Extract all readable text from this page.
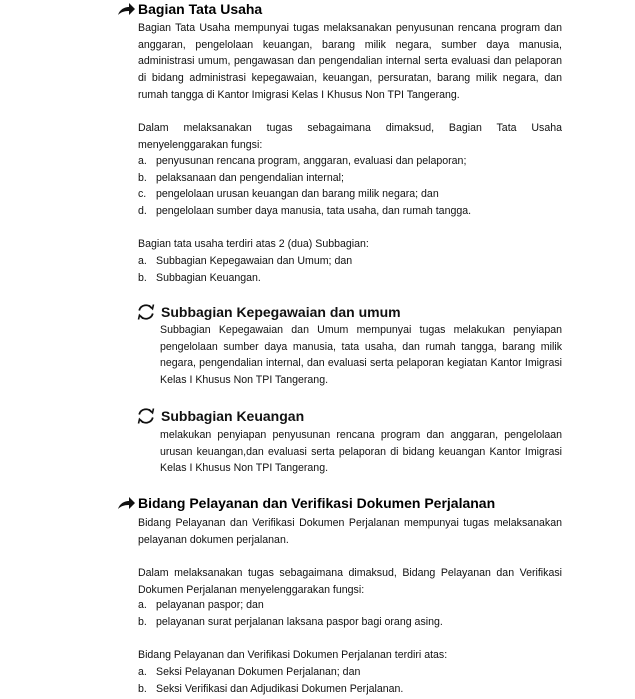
Bagian Tata Usaha

Bagian Tata Usaha mempunyai tugas melaksanakan penyusunan rencana program dan anggaran, pengelolaan keuangan, barang milik negara, sumber daya manusia, administrasi umum, pengawasan dan pengendalian internal serta evaluasi dan pelaporan di bidang administrasi kepegawaian, keuangan, persuratan, barang milik negara, dan rumah tangga di Kantor Imigrasi Kelas I Khusus Non TPI Tangerang.

Dalam melaksanakan tugas sebagaimana dimaksud, Bagian Tata Usaha menyelenggarakan fungsi:

a. penyusunan rencana program, anggaran, evaluasi dan pelaporan;
b. pelaksanaan dan pengendalian internal;
c. pengelolaan urusan keuangan dan barang milik negara; dan
d. pengelolaan sumber daya manusia, tata usaha, dan rumah tangga.

Bagian tata usaha terdiri atas 2 (dua) Subbagian:

a. Subbagian Kepegawaian dan Umum; dan
b. Subbagian Keuangan.
Subbagian Kepegawaian dan umum

Subbagian Kepegawaian dan Umum mempunyai tugas melakukan penyiapan pengelolaan sumber daya manusia, tata usaha, dan rumah tangga, barang milik negara, pengendalian internal, dan evaluasi serta pelaporan kegiatan Kantor Imigrasi Kelas I Khusus Non TPI Tangerang.

Subbagian Keuangan

melakukan penyiapan penyusunan rencana program dan anggaran, pengelolaan urusan keuangan,dan evaluasi serta pelaporan di bidang keuangan Kantor Imigrasi Kelas I Khusus Non TPI Tangerang.

Bidang Pelayanan dan Verifikasi Dokumen Perjalanan

Bidang Pelayanan dan Verifikasi Dokumen Perjalanan mempunyai tugas melaksanakan pelayanan dokumen perjalanan.

Dalam melaksanakan tugas sebagaimana dimaksud, Bidang Pelayanan dan Verifikasi Dokumen Perjalanan menyelenggarakan fungsi:

a. pelayanan paspor; dan
b. pelayanan surat perjalanan laksana paspor bagi orang asing.

Bidang Pelayanan dan Verifikasi Dokumen Perjalanan terdiri atas:

a. Seksi Pelayanan Dokumen Perjalanan; dan
b. Seksi Verifikasi dan Adjudikasi Dokumen Perjalanan.
